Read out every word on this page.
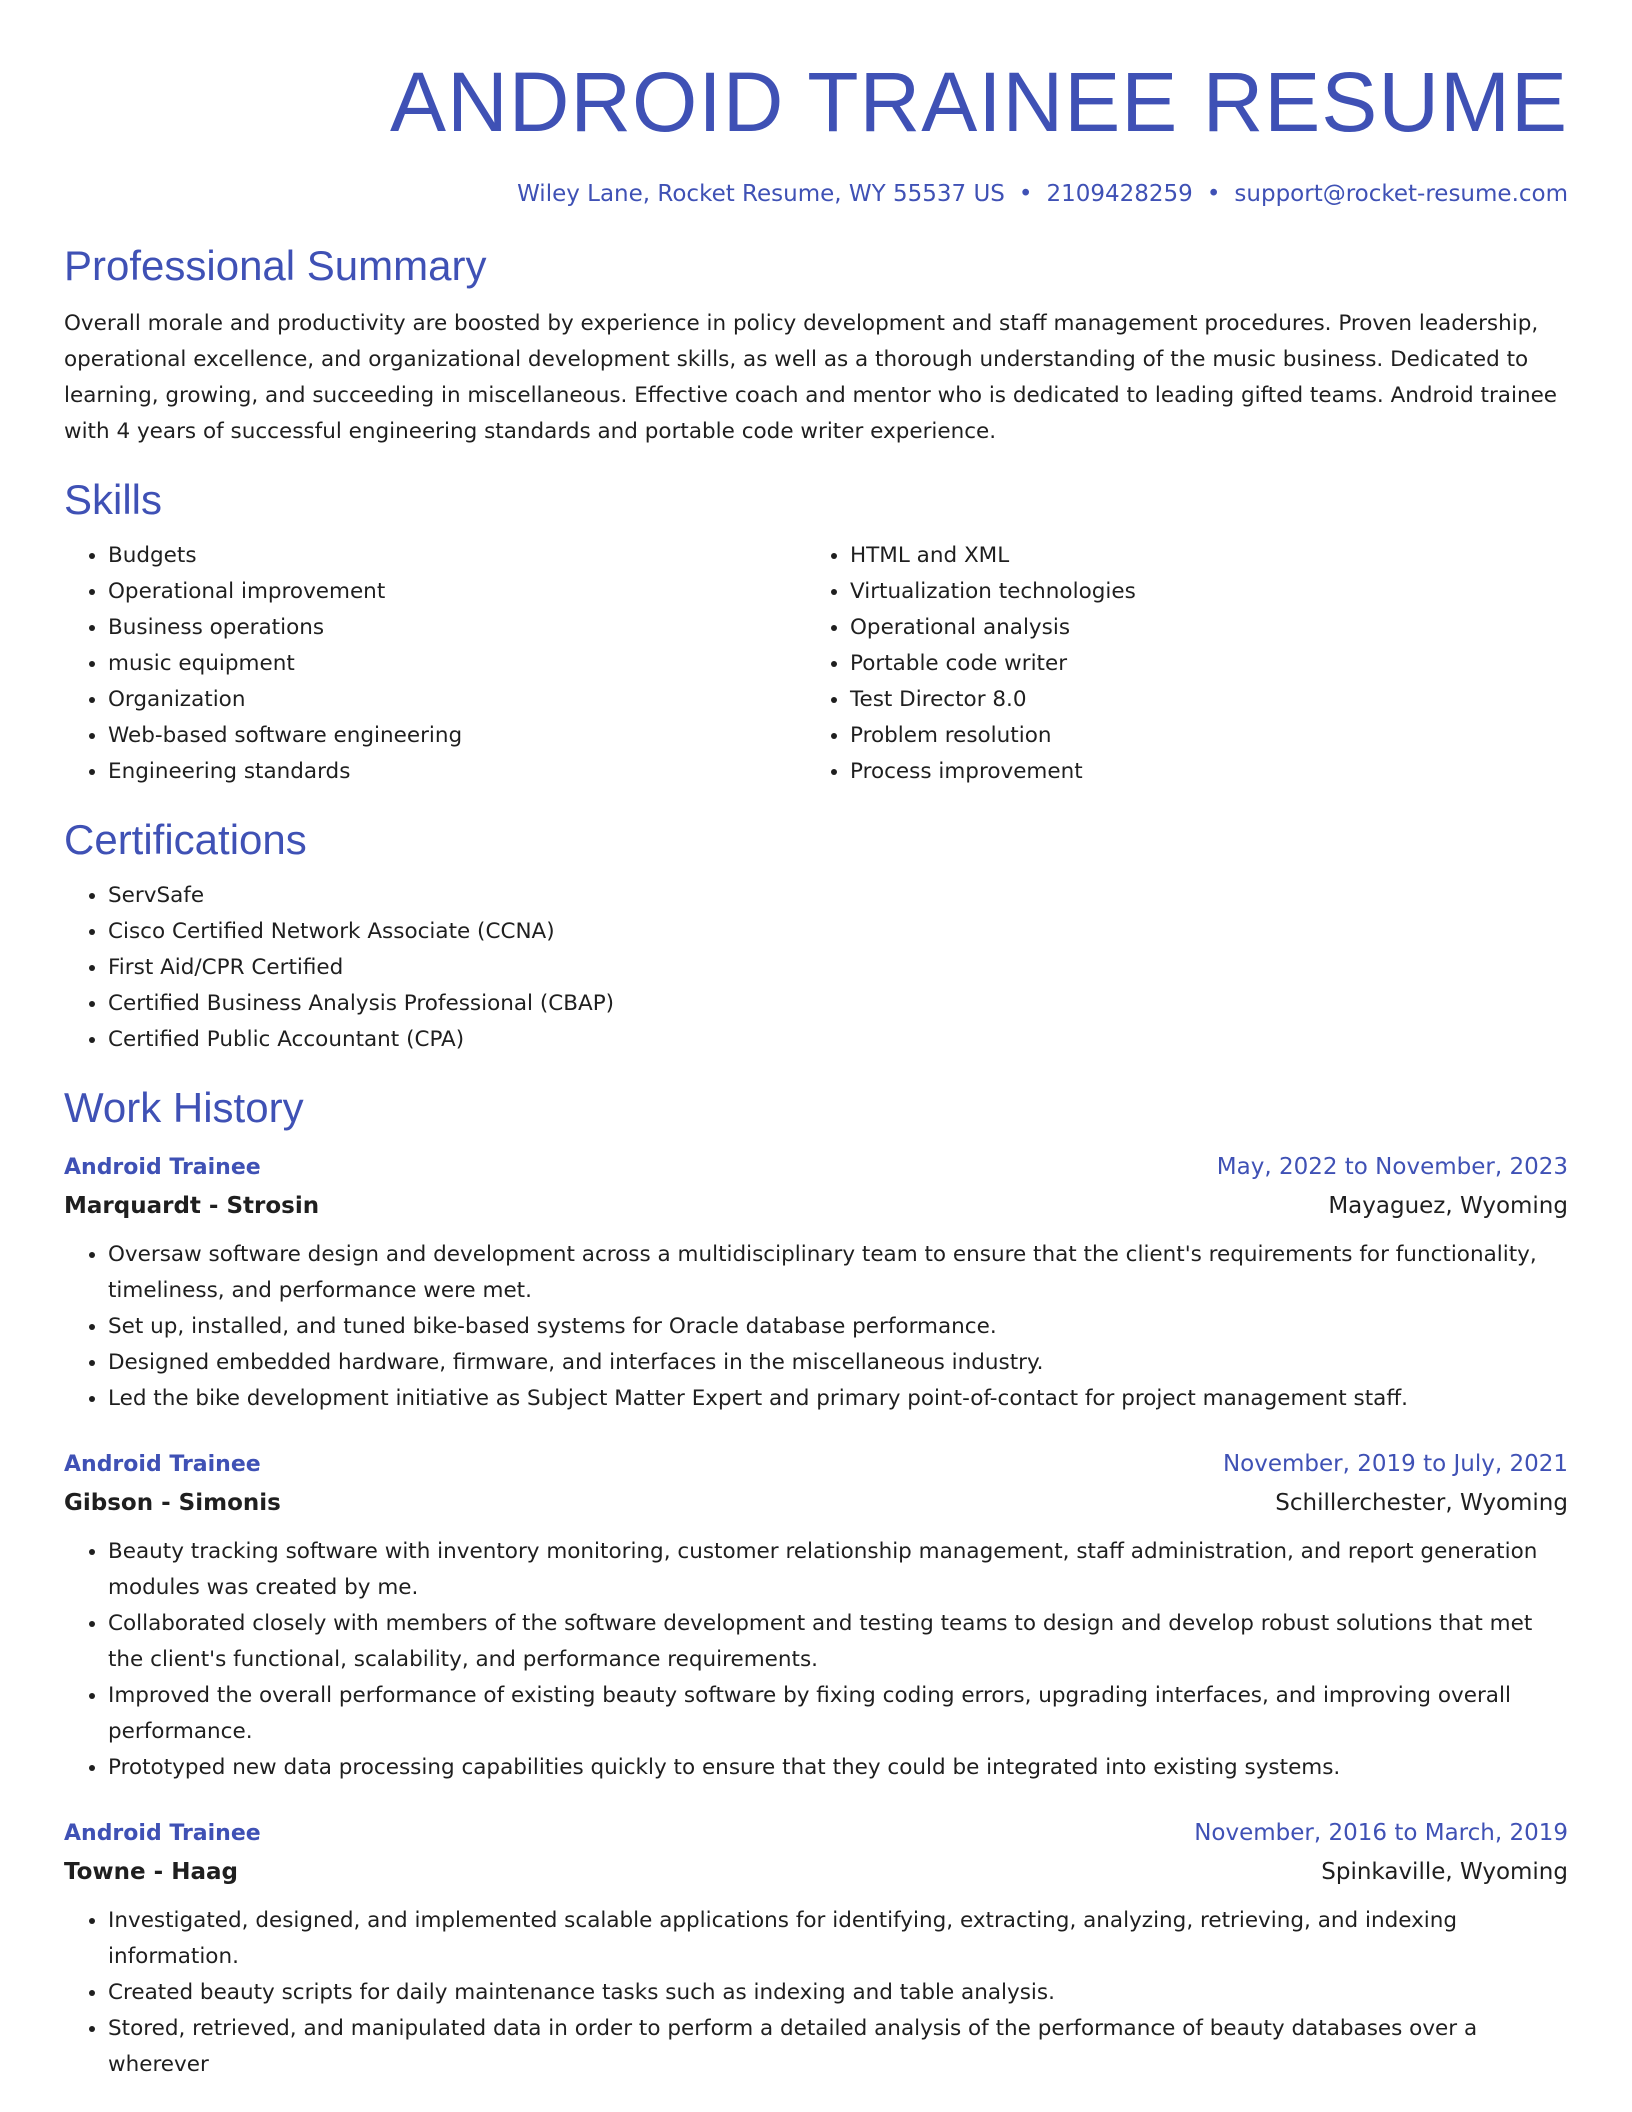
ANDROID TRAINEE RESUME
Wiley Lane, Rocket Resume, WY 55537 US • 2109428259 • support@rocket-resume.com
Professional Summary

Overall morale and productivity are boosted by experience in policy development and staff management procedures. Proven leadership, operational excellence, and organizational development skills, as well as a thorough understanding of the music business. Dedicated to learning, growing, and succeeding in miscellaneous. Effective coach and mentor who is dedicated to leading gifted teams. Android trainee with 4 years of successful engineering standards and portable code writer experience.

Skills
• Budgets
• Operational improvement
• Business operations
• music equipment
• Organization
• Web-based software engineering
• Engineering standards
• HTML and XML
• Virtualization technologies
• Operational analysis
• Portable code writer
• Test Director 8.0
• Problem resolution
• Process improvement
Certifications
• ServSafe
• Cisco Certified Network Associate (CCNA)
• First Aid/CPR Certified
• Certified Business Analysis Professional (CBAP)
• Certified Public Accountant (CPA)
Work History
Android Trainee	May, 2022 to November, 2023
Marquardt - Strosin	Mayaguez, Wyoming
• Oversaw software design and development across a multidisciplinary team to ensure that the client's requirements for functionality, timeliness, and performance were met.
• Set up, installed, and tuned bike-based systems for Oracle database performance.
• Designed embedded hardware, firmware, and interfaces in the miscellaneous industry.
• Led the bike development initiative as Subject Matter Expert and primary point-of-contact for project management staff.
Android Trainee	November, 2019 to July, 2021
Gibson - Simonis	Schillerchester, Wyoming
• Beauty tracking software with inventory monitoring, customer relationship management, staff administration, and report generation modules was created by me.
• Collaborated closely with members of the software development and testing teams to design and develop robust solutions that met the client's functional, scalability, and performance requirements.
• Improved the overall performance of existing beauty software by fixing coding errors, upgrading interfaces, and improving overall performance.
• Prototyped new data processing capabilities quickly to ensure that they could be integrated into existing systems.
Android Trainee	November, 2016 to March, 2019
Towne - Haag	Spinkaville, Wyoming
• Investigated, designed, and implemented scalable applications for identifying, extracting, analyzing, retrieving, and indexing information.
• Created beauty scripts for daily maintenance tasks such as indexing and table analysis.
• Stored, retrieved, and manipulated data in order to perform a detailed analysis of the performance of beauty databases over a wherever
